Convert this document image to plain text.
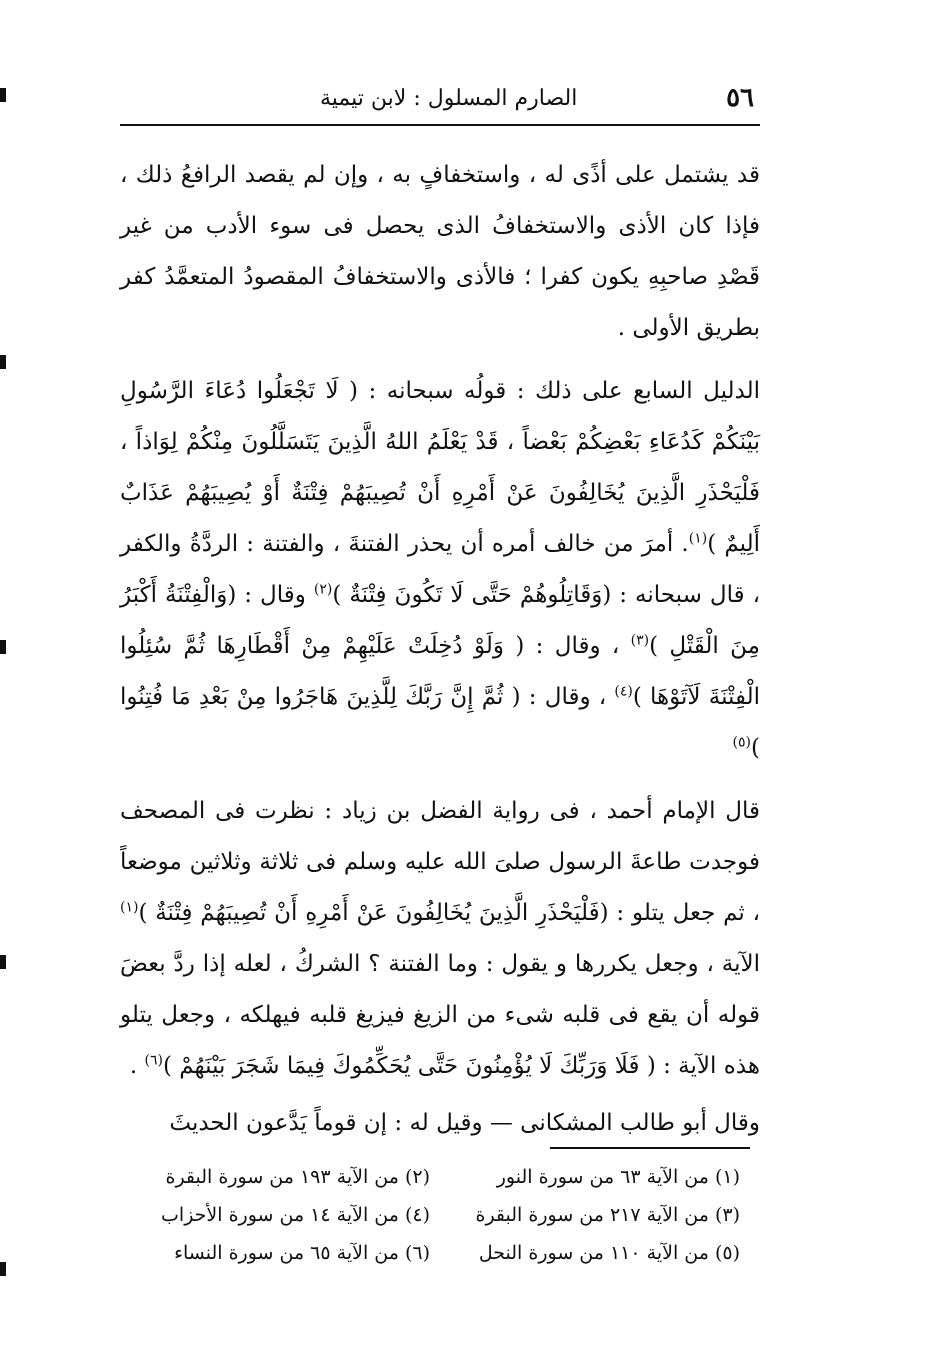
٥٦
الصارم المسلول : لابن تيمية

قد يشتمل على أذًى له ، واستخفافٍ به ، وإن لم يقصد الرافعُ ذلك ، فإذا كان الأذى والاستخفافُ الذى يحصل فى سوء الأدب من غير قَصْدِ صاحبِهِ يكون كفرا ؛ فالأذى والاستخفافُ المقصودُ المتعمَّدُ كفر بطريق الأولى .

الدليل السابع على ذلك : قولُه سبحانه : ( لَا تَجْعَلُوا دُعَاءَ الرَّسُولِ بَيْنَكُمْ كَدُعَاءِ بَعْضِكُمْ بَعْضاً ، قَدْ يَعْلَمُ اللهُ الَّذِينَ يَتَسَلَّلُونَ مِنْكُمْ لِوَاذاً ، فَلْيَحْذَرِ الَّذِينَ يُخَالِفُونَ عَنْ أَمْرِهِ أَنْ تُصِيبَهُمْ فِتْنَةٌ أَوْ يُصِيبَهُمْ عَذَابٌ أَلِيمٌ )$^{(١)}$. أمرَ من خالف أمره أن يحذر الفتنةَ ، والفتنة : الردَّةُ والكفر ، قال سبحانه : (وَقَاتِلُوهُمْ حَتَّى لَا تَكُونَ فِتْنَةٌ )$^{(٢)}$ وقال : (وَالْفِتْنَةُ أَكْبَرُ مِنَ الْقَتْلِ )$^{(٣)}$ ، وقال : ( وَلَوْ دُخِلَتْ عَلَيْهِمْ مِنْ أَقْطَارِهَا ثُمَّ سُئِلُوا الْفِتْنَةَ لَآتَوْهَا )$^{(٤)}$ ، وقال : ( ثُمَّ إِنَّ رَبَّكَ لِلَّذِينَ هَاجَرُوا مِنْ بَعْدِ مَا فُتِنُوا )$^{(٥)}$

قال الإمام أحمد ، فى رواية الفضل بن زياد : نظرت فى المصحف فوجدت طاعةَ الرسول صلىَ الله عليه وسلم فى ثلاثة وثلاثين موضعاً ، ثم جعل يتلو : (فَلْيَحْذَرِ الَّذِينَ يُخَالِفُونَ عَنْ أَمْرِهِ أَنْ تُصِيبَهُمْ فِتْنَةٌ )$^{(١)}$ الآية ، وجعل يكررها و يقول : وما الفتنة ؟ الشركُ ، لعله إذا ردَّ بعضَ قوله أن يقع فى قلبه شىء من الزيغ فيزيغ قلبه فيهلكه ، وجعل يتلو هذه الآية : ( فَلَا وَرَبِّكَ لَا يُؤْمِنُونَ حَتَّى يُحَكِّمُوكَ فِيمَا شَجَرَ بَيْنَهُمْ )$^{(٦)}$ .

وقال أبو طالب المشكانى — وقيل له : إن قوماً يَدَّعون الحديثَ

(١) من الآية ٦٣ من سورة النور
(٢) من الآية ١٩٣ من سورة البقرة
(٣) من الآية ٢١٧ من سورة البقرة
(٤) من الآية ١٤ من سورة الأحزاب
(٥) من الآية ١١٠ من سورة النحل
(٦) من الآية ٦٥ من سورة النساء
